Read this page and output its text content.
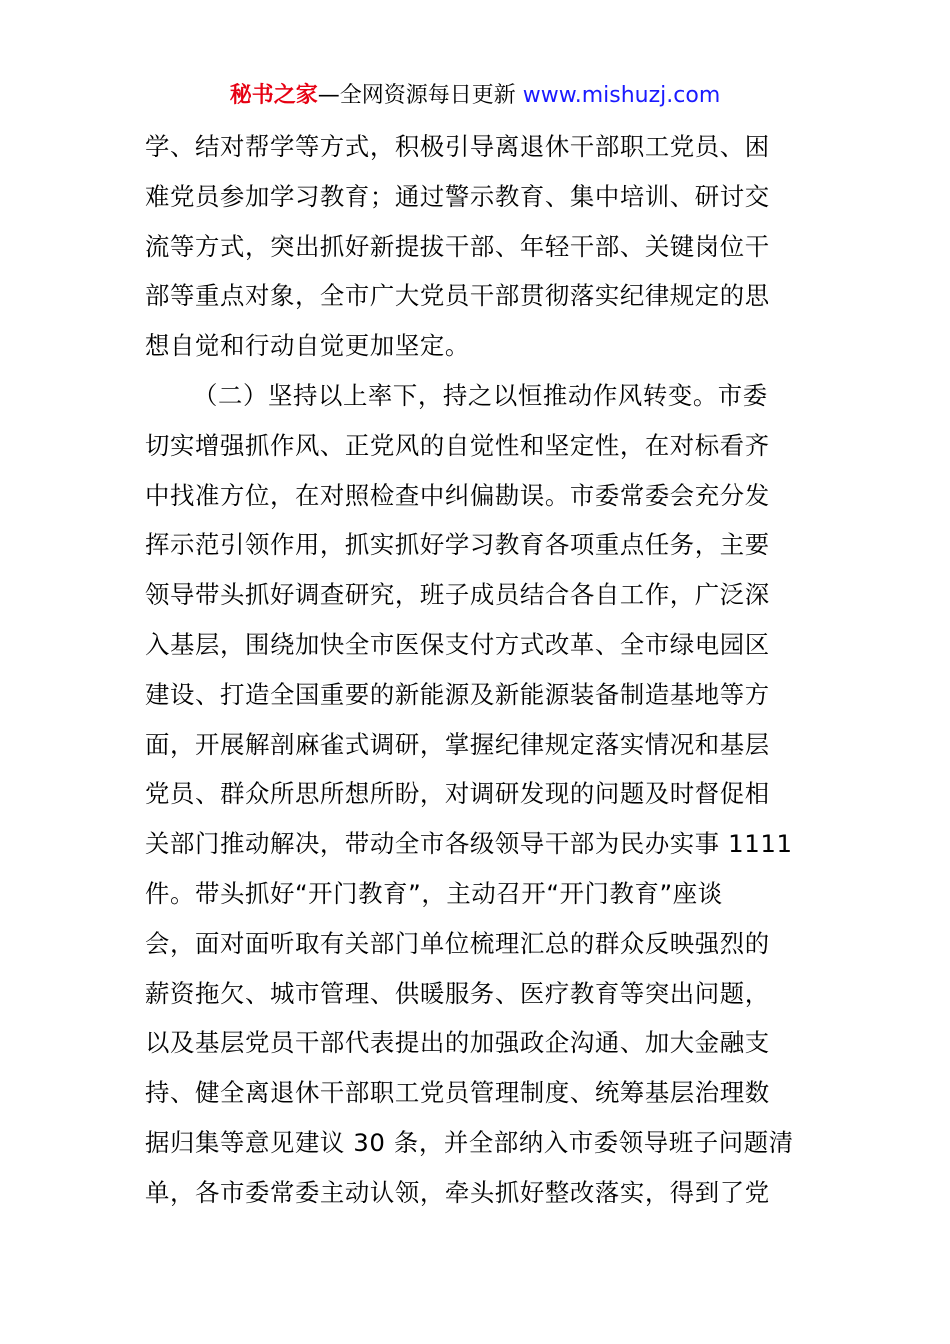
秘书之家—全网资源每日更新 www.mishuzj.com
学、结对帮学等方式，积极引导离退休干部职工党员、困
难党员参加学习教育；通过警示教育、集中培训、研讨交
流等方式，突出抓好新提拔干部、年轻干部、关键岗位干
部等重点对象，全市广大党员干部贯彻落实纪律规定的思
想自觉和行动自觉更加坚定。
（二）坚持以上率下，持之以恒推动作风转变。市委
切实增强抓作风、正党风的自觉性和坚定性，在对标看齐
中找准方位，在对照检查中纠偏勘误。市委常委会充分发
挥示范引领作用，抓实抓好学习教育各项重点任务，主要
领导带头抓好调查研究，班子成员结合各自工作，广泛深
入基层，围绕加快全市医保支付方式改革、全市绿电园区
建设、打造全国重要的新能源及新能源装备制造基地等方
面，开展解剖麻雀式调研，掌握纪律规定落实情况和基层
党员、群众所思所想所盼，对调研发现的问题及时督促相
关部门推动解决，带动全市各级领导干部为民办实事 1111
件。带头抓好“开门教育”，主动召开“开门教育”座谈
会，面对面听取有关部门单位梳理汇总的群众反映强烈的
薪资拖欠、城市管理、供暖服务、医疗教育等突出问题，
以及基层党员干部代表提出的加强政企沟通、加大金融支
持、健全离退休干部职工党员管理制度、统筹基层治理数
据归集等意见建议 30 条，并全部纳入市委领导班子问题清
单，各市委常委主动认领，牵头抓好整改落实，得到了党
